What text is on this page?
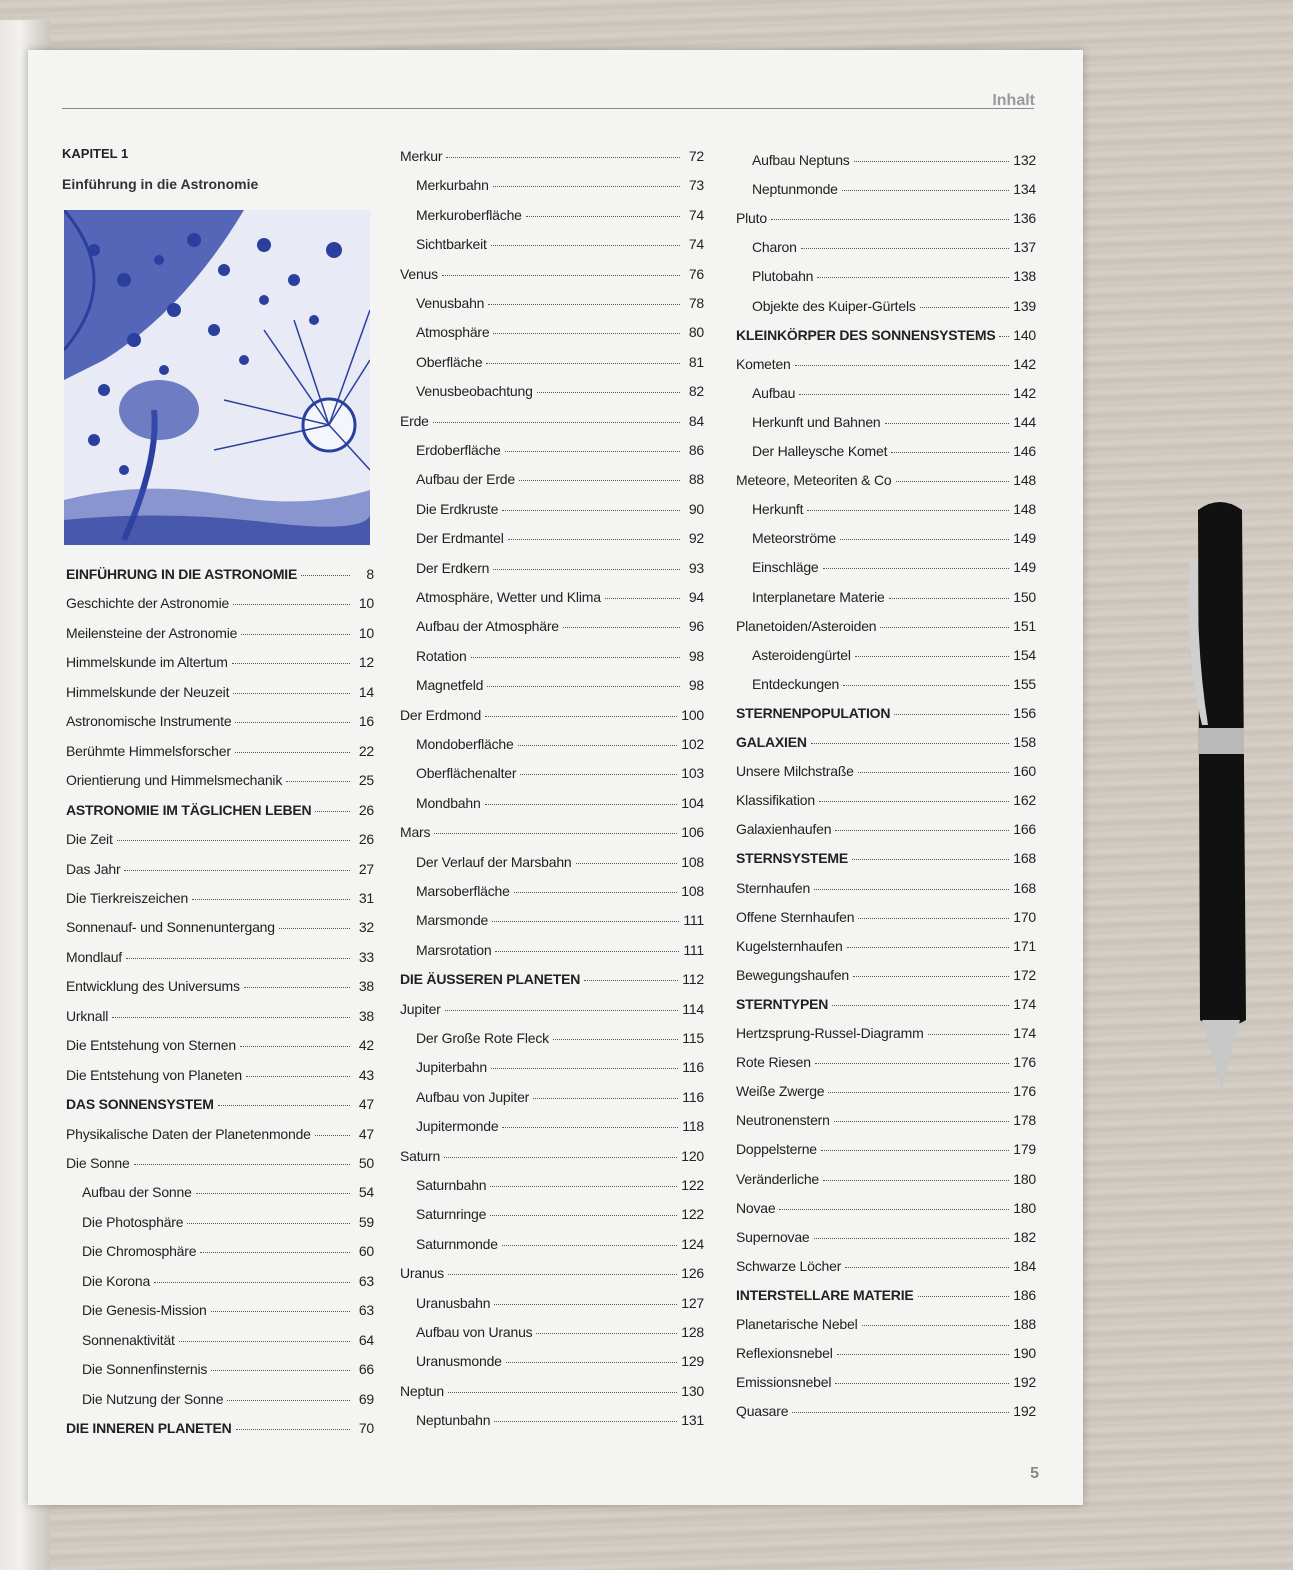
Inhalt
KAPITEL 1
Einführung in die Astronomie
EINFÜHRUNG IN DIE ASTRONOMIE	8
Geschichte der Astronomie	10
Meilensteine der Astronomie	10
Himmelskunde im Altertum	12
Himmelskunde der Neuzeit	14
Astronomische Instrumente	16
Berühmte Himmelsforscher	22
Orientierung und Himmelsmechanik	25
ASTRONOMIE IM TÄGLICHEN LEBEN	26
Die Zeit	26
Das Jahr	27
Die Tierkreiszeichen	31
Sonnenauf- und Sonnenuntergang	32
Mondlauf	33
Entwicklung des Universums	38
Urknall	38
Die Entstehung von Sternen	42
Die Entstehung von Planeten	43
DAS SONNENSYSTEM	47
Physikalische Daten der Planetenmonde	47
Die Sonne	50
Aufbau der Sonne	54
Die Photosphäre	59
Die Chromosphäre	60
Die Korona	63
Die Genesis-Mission	63
Sonnenaktivität	64
Die Sonnenfinsternis	66
Die Nutzung der Sonne	69
DIE INNEREN PLANETEN	70
Merkur	72
Merkurbahn	73
Merkuroberfläche	74
Sichtbarkeit	74
Venus	76
Venusbahn	78
Atmosphäre	80
Oberfläche	81
Venusbeobachtung	82
Erde	84
Erdoberfläche	86
Aufbau der Erde	88
Die Erdkruste	90
Der Erdmantel	92
Der Erdkern	93
Atmosphäre, Wetter und Klima	94
Aufbau der Atmosphäre	96
Rotation	98
Magnetfeld	98
Der Erdmond	100
Mondoberfläche	102
Oberflächenalter	103
Mondbahn	104
Mars	106
Der Verlauf der Marsbahn	108
Marsoberfläche	108
Marsmonde	111
Marsrotation	111
DIE ÄUSSEREN PLANETEN	112
Jupiter	114
Der Große Rote Fleck	115
Jupiterbahn	116
Aufbau von Jupiter	116
Jupitermonde	118
Saturn	120
Saturnbahn	122
Saturnringe	122
Saturnmonde	124
Uranus	126
Uranusbahn	127
Aufbau von Uranus	128
Uranusmonde	129
Neptun	130
Neptunbahn	131
Aufbau Neptuns	132
Neptunmonde	134
Pluto	136
Charon	137
Plutobahn	138
Objekte des Kuiper-Gürtels	139
KLEINKÖRPER DES SONNENSYSTEMS 140
Kometen	142
Aufbau	142
Herkunft und Bahnen	144
Der Halleysche Komet	146
Meteore, Meteoriten & Co	148
Herkunft	148
Meteorströme	149
Einschläge	149
Interplanetare Materie	150
Planetoiden/Asteroiden	151
Asteroidengürtel	154
Entdeckungen	155
STERNENPOPULATION	156
GALAXIEN	158
Unsere Milchstraße	160
Klassifikation	162
Galaxienhaufen	166
STERNSYSTEME	168
Sternhaufen	168
Offene Sternhaufen	170
Kugelsternhaufen	171
Bewegungshaufen	172
STERNTYPEN	174
Hertzsprung-Russel-Diagramm	174
Rote Riesen	176
Weiße Zwerge	176
Neutronenstern	178
Doppelsterne	179
Veränderliche	180
Novae	180
Supernovae	182
Schwarze Löcher	184
INTERSTELLARE MATERIE	186
Planetarische Nebel	188
Reflexionsnebel	190
Emissionsnebel	192
Quasare	192
5
